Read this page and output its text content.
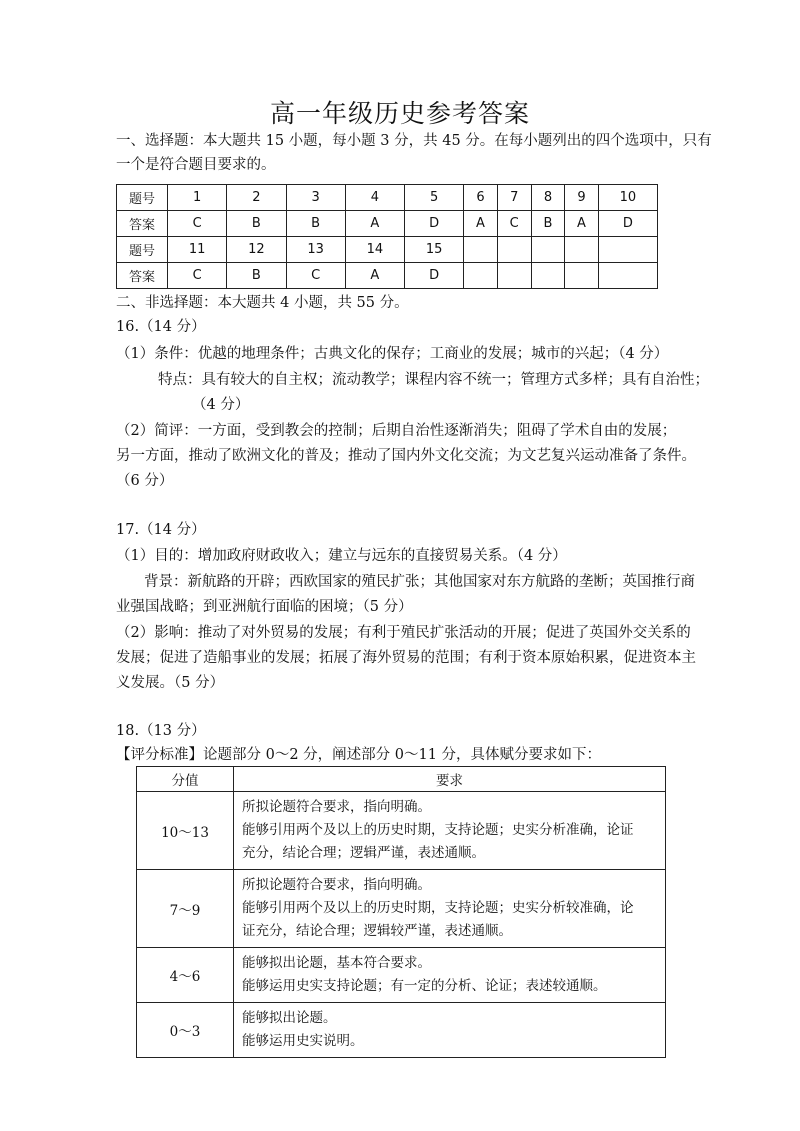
高一年级历史参考答案
一、选择题：本大题共 15 小题，每小题 3 分，共 45 分。在每小题列出的四个选项中，只有
一个是符合题目要求的。
题号	1	2	3	4	5	6	7	8	9	10
答案	C	B	B	A	D	A	C	B	A	D
题号	11	12	13	14	15					
答案	C	B	C	A	D					
二、非选择题：本大题共 4 小题，共 55 分。
16.（14 分）
（1）条件：优越的地理条件；古典文化的保存；工商业的发展；城市的兴起；（4 分）
特点：具有较大的自主权；流动教学；课程内容不统一；管理方式多样；具有自治性；
（4 分）
（2）简评：一方面，受到教会的控制；后期自治性逐渐消失；阻碍了学术自由的发展；
另一方面，推动了欧洲文化的普及；推动了国内外文化交流；为文艺复兴运动准备了条件。
（6 分）
17.（14 分）
（1）目的：增加政府财政收入；建立与远东的直接贸易关系。（4 分）
背景：新航路的开辟；西欧国家的殖民扩张；其他国家对东方航路的垄断；英国推行商
业强国战略；到亚洲航行面临的困境；（5 分）
（2）影响：推动了对外贸易的发展；有利于殖民扩张活动的开展；促进了英国外交关系的
发展；促进了造船事业的发展；拓展了海外贸易的范围；有利于资本原始积累，促进资本主
义发展。（5 分）
18.（13 分）
【评分标准】论题部分 0～2 分，阐述部分 0～11 分，具体赋分要求如下：
分值	要求
10～13	所拟论题符合要求，指向明确。
能够引用两个及以上的历史时期，支持论题；史实分析准确，论证
充分，结论合理；逻辑严谨，表述通顺。

7～9	所拟论题符合要求，指向明确。
能够引用两个及以上的历史时期，支持论题；史实分析较准确，论
证充分，结论合理；逻辑较严谨，表述通顺。

4～6	能够拟出论题，基本符合要求。
能够运用史实支持论题；有一定的分析、论证；表述较通顺。

0～3	能够拟出论题。
能够运用史实说明。
